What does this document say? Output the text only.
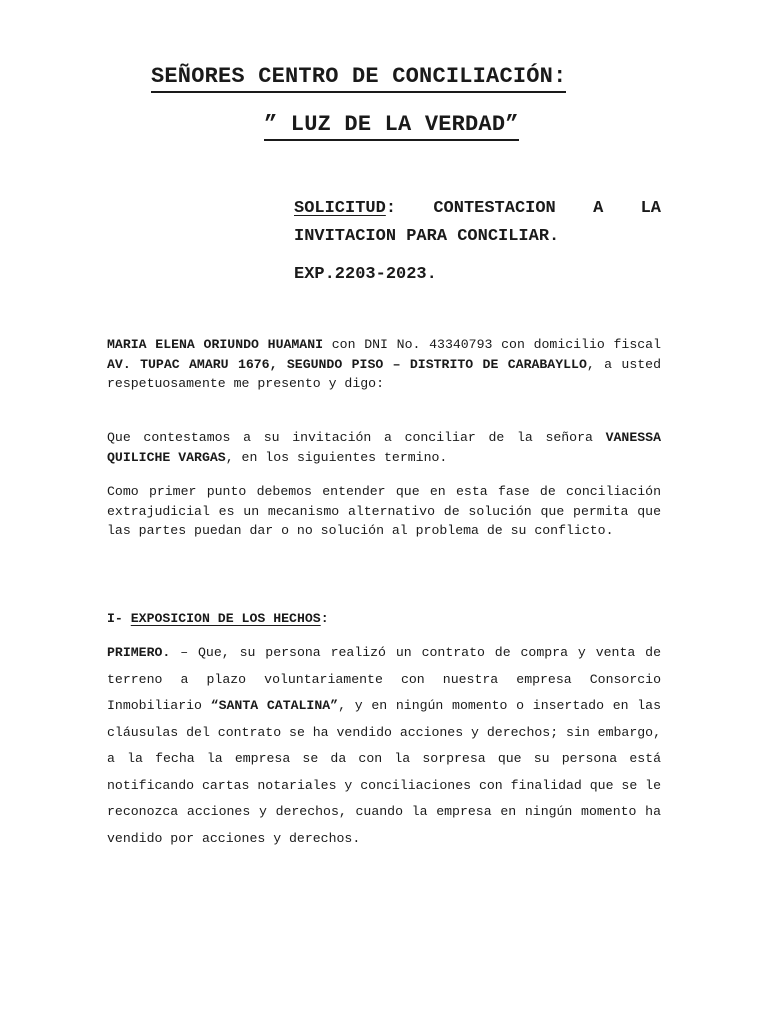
SEÑORES CENTRO DE CONCILIACIÓN:
” LUZ DE LA VERDAD”
SOLICITUD: CONTESTACION A LA INVITACION PARA CONCILIAR.
EXP.2203-2023.
MARIA ELENA ORIUNDO HUAMANI con DNI No. 43340793 con domicilio fiscal AV. TUPAC AMARU 1676, SEGUNDO PISO – DISTRITO DE CARABAYLLO, a usted respetuosamente me presento y digo:
Que contestamos a su invitación a conciliar de la señora VANESSA QUILICHE VARGAS, en los siguientes termino.
Como primer punto debemos entender que en esta fase de conciliación extrajudicial es un mecanismo alternativo de solución que permita que las partes puedan dar o no solución al problema de su conflicto.
I- EXPOSICION DE LOS HECHOS:
PRIMERO. – Que, su persona realizó un contrato de compra y venta de terreno a plazo voluntariamente con nuestra empresa Consorcio Inmobiliario “SANTA CATALINA”, y en ningún momento o insertado en las cláusulas del contrato se ha vendido acciones y derechos; sin embargo, a la fecha la empresa se da con la sorpresa que su persona está notificando cartas notariales y conciliaciones con finalidad que se le reconozca acciones y derechos, cuando la empresa en ningún momento ha vendido por acciones y derechos.
